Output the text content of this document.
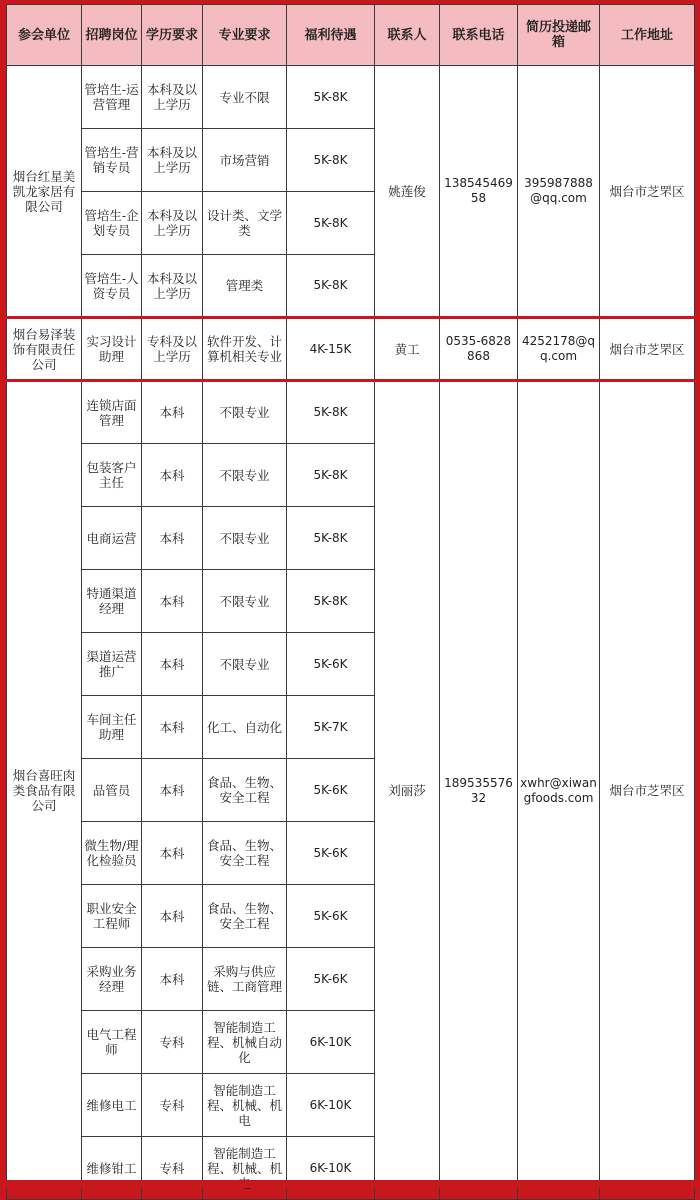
参会单位	招聘岗位	学历要求	专业要求	福利待遇	联系人	联系电话	简历投递邮箱	工作地址
烟台红星美凯龙家居有限公司	管培生-运营管理	本科及以上学历	专业不限	5K-8K	姚莲俊	13854546958	395987888@qq.com	烟台市芝罘区
	管培生-营销专员	本科及以上学历	市场营销	5K-8K				
	管培生-企划专员	本科及以上学历	设计类、文学类	5K-8K				
	管培生-人资专员	本科及以上学历	管理类	5K-8K				
烟台易泽装饰有限责任公司	实习设计助理	专科及以上学历	软件开发、计算机相关专业	4K-15K	黄工	0535-6828868	4252178@qq.com	烟台市芝罘区
烟台喜旺肉类食品有限公司	连锁店面管理	本科	不限专业	5K-8K	刘丽莎	18953557632	xwhr@xiwangfoods.com	烟台市芝罘区
	包装客户主任	本科	不限专业	5K-8K				
	电商运营	本科	不限专业	5K-8K				
	特通渠道经理	本科	不限专业	5K-8K				
	渠道运营推广	本科	不限专业	5K-6K				
	车间主任助理	本科	化工、自动化	5K-7K				
	品管员	本科	食品、生物、安全工程	5K-6K				
	微生物/理化检验员	本科	食品、生物、安全工程	5K-6K				
	职业安全工程师	本科	食品、生物、安全工程	5K-6K				
	采购业务经理	本科	采购与供应链、工商管理	5K-6K				
	电气工程师	专科	智能制造工程、机械自动化	6K-10K				
	维修电工	专科	智能制造工程、机械、机电	6K-10K				
	维修钳工	专科	智能制造工程、机械、机	6K-10K				
